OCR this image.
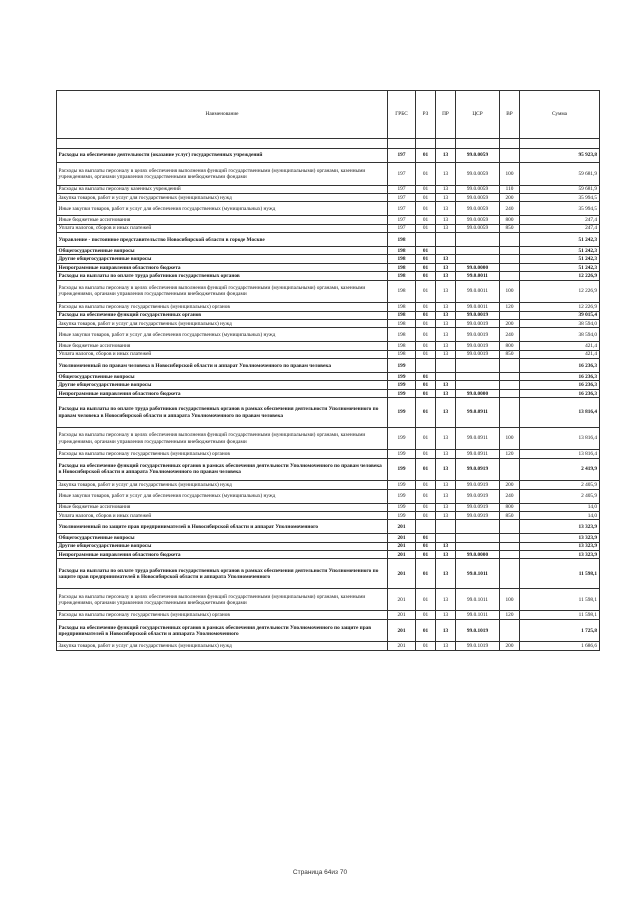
Наименование	ГРБС	РЗ	ПР	ЦСР	ВР	Сумма

Расходы на обеспечение деятельности (оказание услуг) государственных учреждений	197	01	13	99.0.0059		95 923,8
Расходы на выплаты персоналу в целях обеспечения выполнения функций государственными (муниципальными) органами, казенными учреждениями, органами управления государственными внебюджетными фондами	197	01	13	99.0.0059	100	59 681,9
Расходы на выплаты персоналу казенных учреждений	197	01	13	99.0.0059	110	59 681,9
Закупка товаров, работ и услуг для государственных (муниципальных) нужд	197	01	13	99.0.0059	200	35 994,5
Иные закупки товаров, работ и услуг для обеспечения государственных (муниципальных) нужд	197	01	13	99.0.0059	240	35 994,5
Иные бюджетные ассигнования	197	01	13	99.0.0059	800	247,4
Уплата налогов, сборов и иных платежей	197	01	13	99.0.0059	850	247,4
Управление - постоянное представительство Новосибирской области в городе Москве	198					51 242,3
Общегосударственные вопросы	198	01				51 242,3
Другие общегосударственные вопросы	198	01	13			51 242,3
Непрограммные направления областного бюджета	198	01	13	99.0.0000		51 242,3
Расходы на выплаты по оплате труда работников государственных органов	198	01	13	99.0.0011		12 226,9
Расходы на выплаты персоналу в целях обеспечения выполнения функций государственными (муниципальными) органами, казенными учреждениями, органами управления государственными внебюджетными фондами	198	01	13	99.0.0011	100	12 226,9
Расходы на выплаты персоналу государственных (муниципальных) органов	198	01	13	99.0.0011	120	12 226,9
Расходы на обеспечение функций государственных органов	198	01	13	99.0.0019		39 015,4
Закупка товаров, работ и услуг для государственных (муниципальных) нужд	198	01	13	99.0.0019	200	38 594,0
Иные закупки товаров, работ и услуг для обеспечения государственных (муниципальных) нужд	198	01	13	99.0.0019	240	38 594,0
Иные бюджетные ассигнования	198	01	13	99.0.0019	800	421,4
Уплата налогов, сборов и иных платежей	198	01	13	99.0.0019	850	421,4
Уполномоченный по правам человека в Новосибирской области и аппарат Уполномоченного по правам человека	199					16 236,3
Общегосударственные вопросы	199	01				16 236,3
Другие общегосударственные вопросы	199	01	13			16 236,3
Непрограммные направления областного бюджета	199	01	13	99.0.0000		16 236,3
Расходы на выплаты по оплате труда работников государственных органов в рамках обеспечения деятельности Уполномоченного по правам человека в Новосибирской области и аппарата Уполномоченного по правам человека	199	01	13	99.0.0911		13 816,4
Расходы на выплаты персоналу в целях обеспечения выполнения функций государственными (муниципальными) органами, казенными учреждениями, органами управления государственными внебюджетными фондами	199	01	13	99.0.0911	100	13 816,4
Расходы на выплаты персоналу государственных (муниципальных) органов	199	01	13	99.0.0911	120	13 816,4
Расходы на обеспечение функций государственных органов в рамках обеспечения деятельности Уполномоченного по правам человека в Новосибирской области и аппарата Уполномоченного по правам человека	199	01	13	99.0.0919		2 419,9
Закупка товаров, работ и услуг для государственных (муниципальных) нужд	199	01	13	99.0.0919	200	2 405,9
Иные закупки товаров, работ и услуг для обеспечения государственных (муниципальных) нужд	199	01	13	99.0.0919	240	2 405,9
Иные бюджетные ассигнования	199	01	13	99.0.0919	800	14,0
Уплата налогов, сборов и иных платежей	199	01	13	99.0.0919	850	14,0
Уполномоченный по защите прав предпринимателей в Новосибирской области и аппарат Уполномоченного	201					13 323,9
Общегосударственные вопросы	201	01				13 323,9
Другие общегосударственные вопросы	201	01	13			13 323,9
Непрограммные направления областного бюджета	201	01	13	99.0.0000		13 323,9
Расходы на выплаты по оплате труда работников государственных органов в рамках обеспечения деятельности Уполномоченного по защите прав предпринимателей в Новосибирской области и аппарата Уполномоченного	201	01	13	99.0.1011		11 598,1
Расходы на выплаты персоналу в целях обеспечения выполнения функций государственными (муниципальными) органами, казенными учреждениями, органами управления государственными внебюджетными фондами	201	01	13	99.0.1011	100	11 598,1
Расходы на выплаты персоналу государственных (муниципальных) органов	201	01	13	99.0.1011	120	11 598,1
Расходы на обеспечение функций государственных органов в рамках обеспечения деятельности Уполномоченного по защите прав предпринимателей в Новосибирской области и аппарата Уполномоченного	201	01	13	99.0.1019		1 725,8
Закупка товаров, работ и услуг для государственных (муниципальных) нужд	201	01	13	99.0.1019	200	1 686,6
Страница 64из 70
